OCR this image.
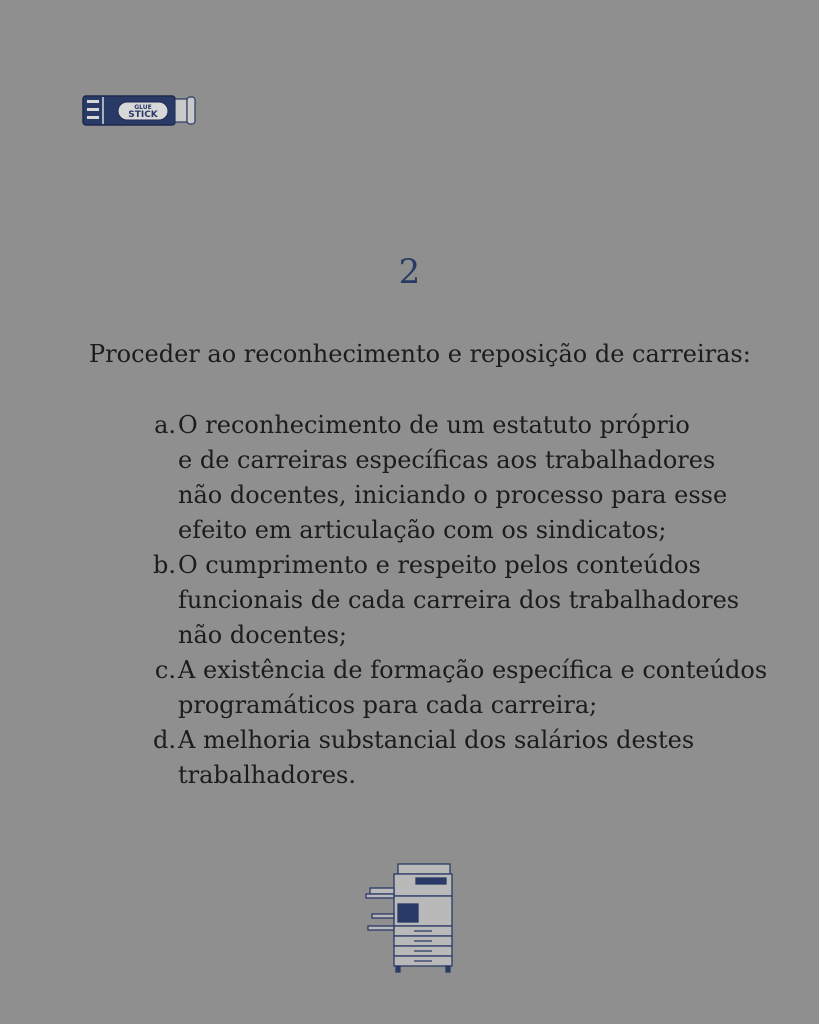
GLUE
STICK
2
Proceder ao reconhecimento e reposição de carreiras:
a. O reconhecimento de um estatuto próprio
e de carreiras específicas aos trabalhadores
não docentes, iniciando o processo para esse
efeito em articulação com os sindicatos;
b. O cumprimento e respeito pelos conteúdos
funcionais de cada carreira dos trabalhadores
não docentes;
c. A existência de formação específica e conteúdos
programáticos para cada carreira;
d. A melhoria substancial dos salários destes
trabalhadores.
